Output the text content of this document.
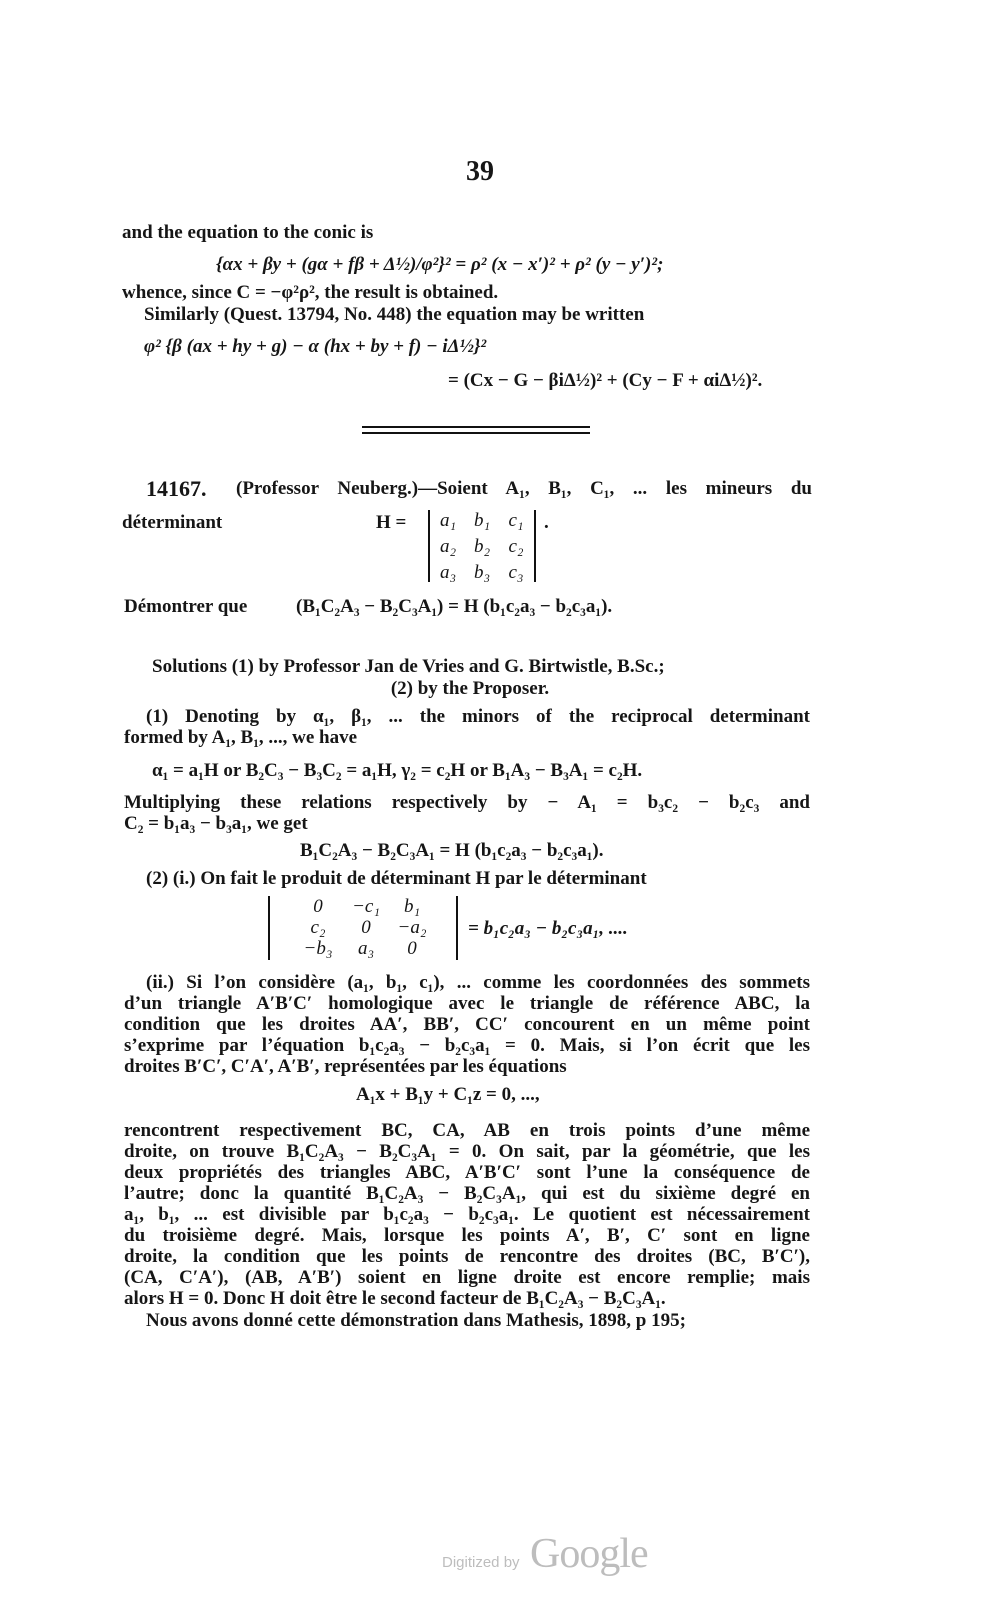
39
and the equation to the conic is
{αx + βy + (gα + fβ + Δ½)/φ²}² = ρ² (x − x′)² + ρ² (y − y′)²;
whence, since C = −φ²ρ², the result is obtained.
Similarly (Quest. 13794, No. 448) the equation may be written
φ² {β (ax + hy + g) − α (hx + by + f) − iΔ½}²
= (Cx − G − βiΔ½)² + (Cy − F + αiΔ½)².
14167. (Professor Neuberg.)—Soient A₁, B₁, C₁, ... les mineurs du
déterminant	H =	a₁ b₁ c₁
a₂ b₂ c₂
a₃ b₃ c₃
.
Démontrer que	(B₁C₂A₃ − B₂C₃A₁) = H (b₁c₂a₃ − b₂c₃a₁).
Solutions (1) by Professor Jan de Vries and G. Birtwistle, B.Sc.;
(2) by the Proposer.
(1) Denoting by α₁, β₁, ... the minors of the reciprocal determinant
formed by A₁, B₁, ..., we have
α₁ = a₁H or B₂C₃ − B₃C₂ = a₁H, γ₂ = c₂H or B₁A₃ − B₃A₁ = c₂H.
Multiplying these relations respectively by − A₁ = b₃c₂ − b₂c₃ and
C₂ = b₁a₃ − b₃a₁, we get
B₁C₂A₃ − B₂C₃A₁ = H (b₁c₂a₃ − b₂c₃a₁).
(2) (i.) On fait le produit de déterminant H par le déterminant
0	−c₁	b₁
c₂	0	−a₂
−b₃	a₃	0
= b₁c₂a₃ − b₂c₃a₁, ....
(ii.) Si l’on considère (a₁, b₁, c₁), ... comme les coordonnées des sommets
d’un triangle A′B′C′ homologique avec le triangle de référence ABC, la
condition que les droites AA′, BB′, CC′ concourent en un même point
s’exprime par l’équation b₁c₂a₃ − b₂c₃a₁ = 0. Mais, si l’on écrit que les
droites B′C′, C′A′, A′B′, représentées par les équations
A₁x + B₁y + C₁z = 0, ...,
rencontrent respectivement BC, CA, AB en trois points d’une même
droite, on trouve B₁C₂A₃ − B₂C₃A₁ = 0. On sait, par la géométrie, que les
deux propriétés des triangles ABC, A′B′C′ sont l’une la conséquence de
l’autre; donc la quantité B₁C₂A₃ − B₂C₃A₁, qui est du sixième degré en
a₁, b₁, ... est divisible par b₁c₂a₃ − b₂c₃a₁. Le quotient est nécessairement
du troisième degré. Mais, lorsque les points A′, B′, C′ sont en ligne
droite, la condition que les points de rencontre des droites (BC, B′C′),
(CA, C′A′), (AB, A′B′) soient en ligne droite est encore remplie; mais
alors H = 0. Donc H doit être le second facteur de B₁C₂A₃ − B₂C₃A₁.
Nous avons donné cette démonstration dans Mathesis, 1898, p 195;
Digitized by Google
